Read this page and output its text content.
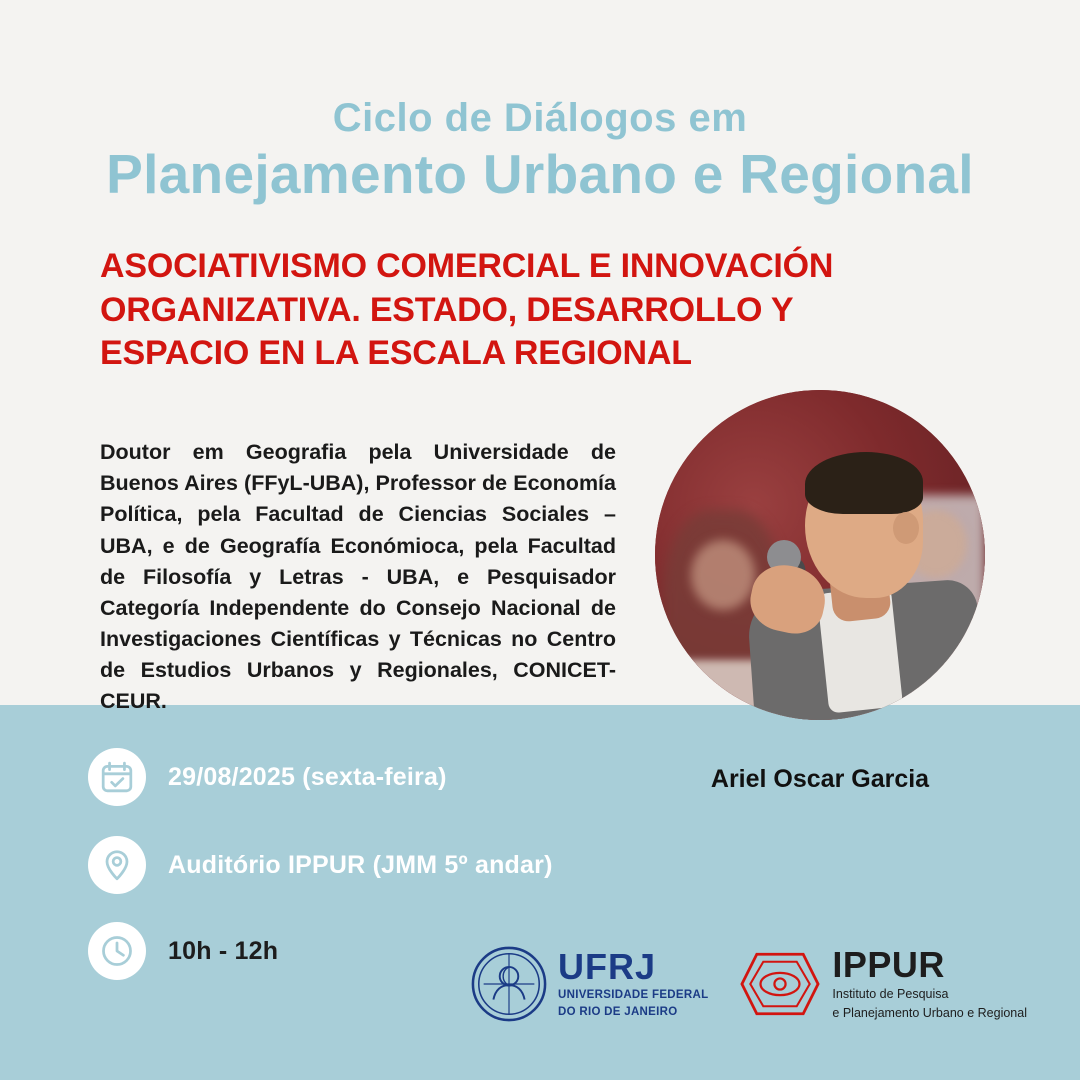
Ciclo de Diálogos em
Planejamento Urbano e Regional
ASOCIATIVISMO COMERCIAL E INNOVACIÓN ORGANIZATIVA. ESTADO, DESARROLLO Y ESPACIO EN LA ESCALA REGIONAL
Doutor em Geografia pela Universidade de Buenos Aires (FFyL-UBA), Professor de Economía Política, pela Facultad de Ciencias Sociales – UBA, e de Geografía Económioca, pela Facultad de Filosofía y Letras - UBA, e Pesquisador Categoría Independente do Consejo Nacional de Investigaciones Científicas y Técnicas no Centro de Estudios Urbanos y Regionales, CONICET-CEUR.
Ariel Oscar Garcia
29/08/2025 (sexta-feira)
Auditório IPPUR (JMM 5º andar)
10h - 12h	UFRJ
UNIVERSIDADE FEDERAL
DO RIO DE JANEIRO
IPPUR
Instituto de Pesquisa
e Planejamento Urbano e Regional
